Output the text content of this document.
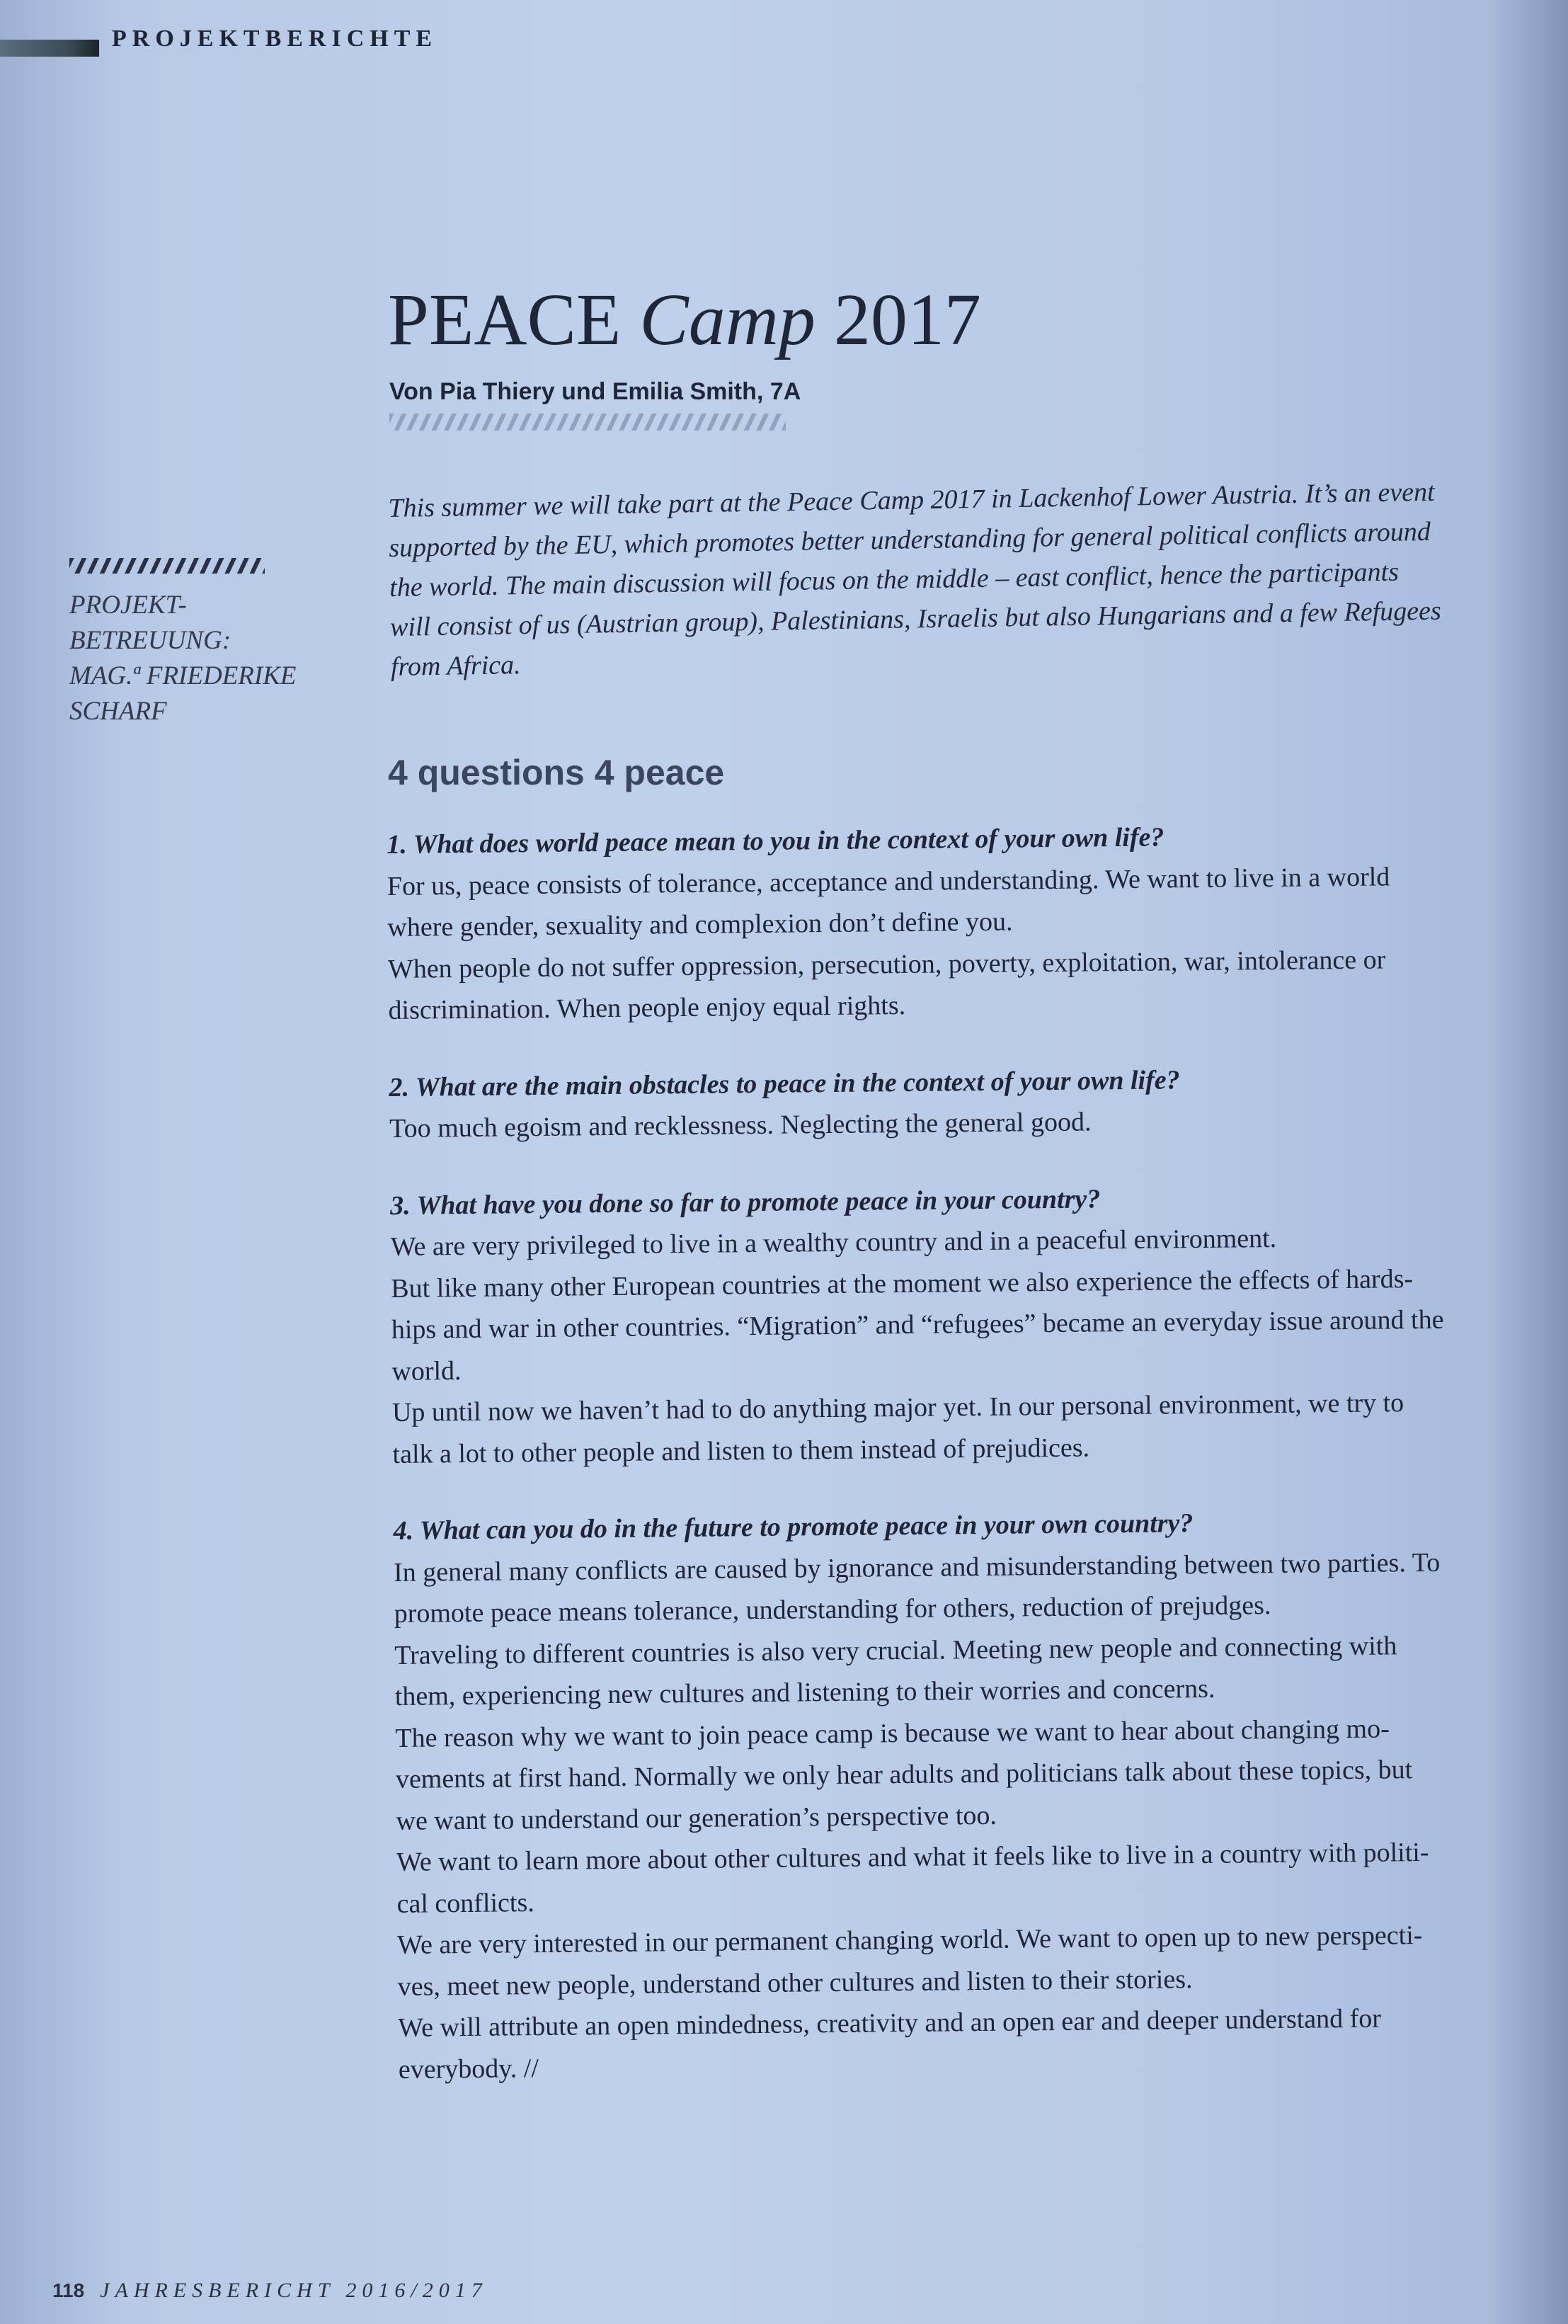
PROJEKTBERICHTE
PEACE Camp 2017
Von Pia Thiery und Emilia Smith, 7A
PROJEKT-
BETREUUNG:
MAG.ª FRIEDERIKE
SCHARF
This summer we will take part at the Peace Camp 2017 in Lackenhof Lower Austria. It’s an event
supported by the EU, which promotes better understanding for general political conflicts around
the world. The main discussion will focus on the middle – east conflict, hence the participants
will consist of us (Austrian group), Palestinians, Israelis but also Hungarians and a few Refugees
from Africa.
4 questions 4 peace

1. What does world peace mean to you in the context of your own life?

For us, peace consists of tolerance, acceptance and understanding. We want to live in a world

where gender, sexuality and complexion don’t define you.

When people do not suffer oppression, persecution, poverty, exploitation, war, intolerance or

discrimination. When people enjoy equal rights.

2. What are the main obstacles to peace in the context of your own life?

Too much egoism and recklessness. Neglecting the general good.

3. What have you done so far to promote peace in your country?

We are very privileged to live in a wealthy country and in a peaceful environment.

But like many other European countries at the moment we also experience the effects of hards-

hips and war in other countries. “Migration” and “refugees” became an everyday issue around the

world.

Up until now we haven’t had to do anything major yet. In our personal environment, we try to

talk a lot to other people and listen to them instead of prejudices.

4. What can you do in the future to promote peace in your own country?

In general many conflicts are caused by ignorance and misunderstanding between two parties. To

promote peace means tolerance, understanding for others, reduction of prejudges.

Traveling to different countries is also very crucial. Meeting new people and connecting with

them, experiencing new cultures and listening to their worries and concerns.

The reason why we want to join peace camp is because we want to hear about changing mo-

vements at first hand. Normally we only hear adults and politicians talk about these topics, but

we want to understand our generation’s perspective too.

We want to learn more about other cultures and what it feels like to live in a country with politi-

cal conflicts.

We are very interested in our permanent changing world. We want to open up to new perspecti-

ves, meet new people, understand other cultures and listen to their stories.

We will attribute an open mindedness, creativity and an open ear and deeper understand for

everybody. //

118 JAHRESBERICHT 2016/2017
